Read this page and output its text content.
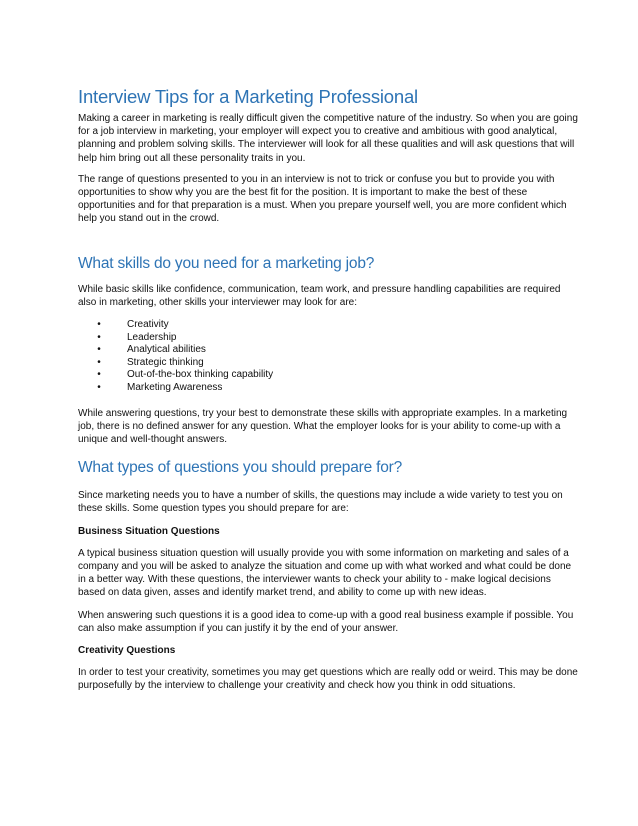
Interview Tips for a Marketing Professional

Making a career in marketing is really difficult given the competitive nature of the industry. So when you are going for a job interview in marketing, your employer will expect you to creative and ambitious with good analytical, planning and problem solving skills. The interviewer will look for all these qualities and will ask questions that will help him bring out all these personality traits in you.

The range of questions presented to you in an interview is not to trick or confuse you but to provide you with opportunities to show why you are the best fit for the position. It is important to make the best of these opportunities and for that preparation is a must. When you prepare yourself well, you are more confident which help you stand out in the crowd.

What skills do you need for a marketing job?

While basic skills like confidence, communication, team work, and pressure handling capabilities are required also in marketing, other skills your interviewer may look for are:

•	Creativity
•	Leadership
•	Analytical abilities
•	Strategic thinking
•	Out-of-the-box thinking capability
•	Marketing Awareness

While answering questions, try your best to demonstrate these skills with appropriate examples. In a marketing job, there is no defined answer for any question. What the employer looks for is your ability to come-up with a unique and well-thought answers.

What types of questions you should prepare for?

Since marketing needs you to have a number of skills, the questions may include a wide variety to test you on these skills. Some question types you should prepare for are:

Business Situation Questions

A typical business situation question will usually provide you with some information on marketing and sales of a company and you will be asked to analyze the situation and come up with what worked and what could be done in a better way. With these questions, the interviewer wants to check your ability to - make logical decisions based on data given, asses and identify market trend, and ability to come up with new ideas.

When answering such questions it is a good idea to come-up with a good real business example if possible. You can also make assumption if you can justify it by the end of your answer.

Creativity Questions

In order to test your creativity, sometimes you may get questions which are really odd or weird. This may be done purposefully by the interview to challenge your creativity and check how you think in odd situations.
